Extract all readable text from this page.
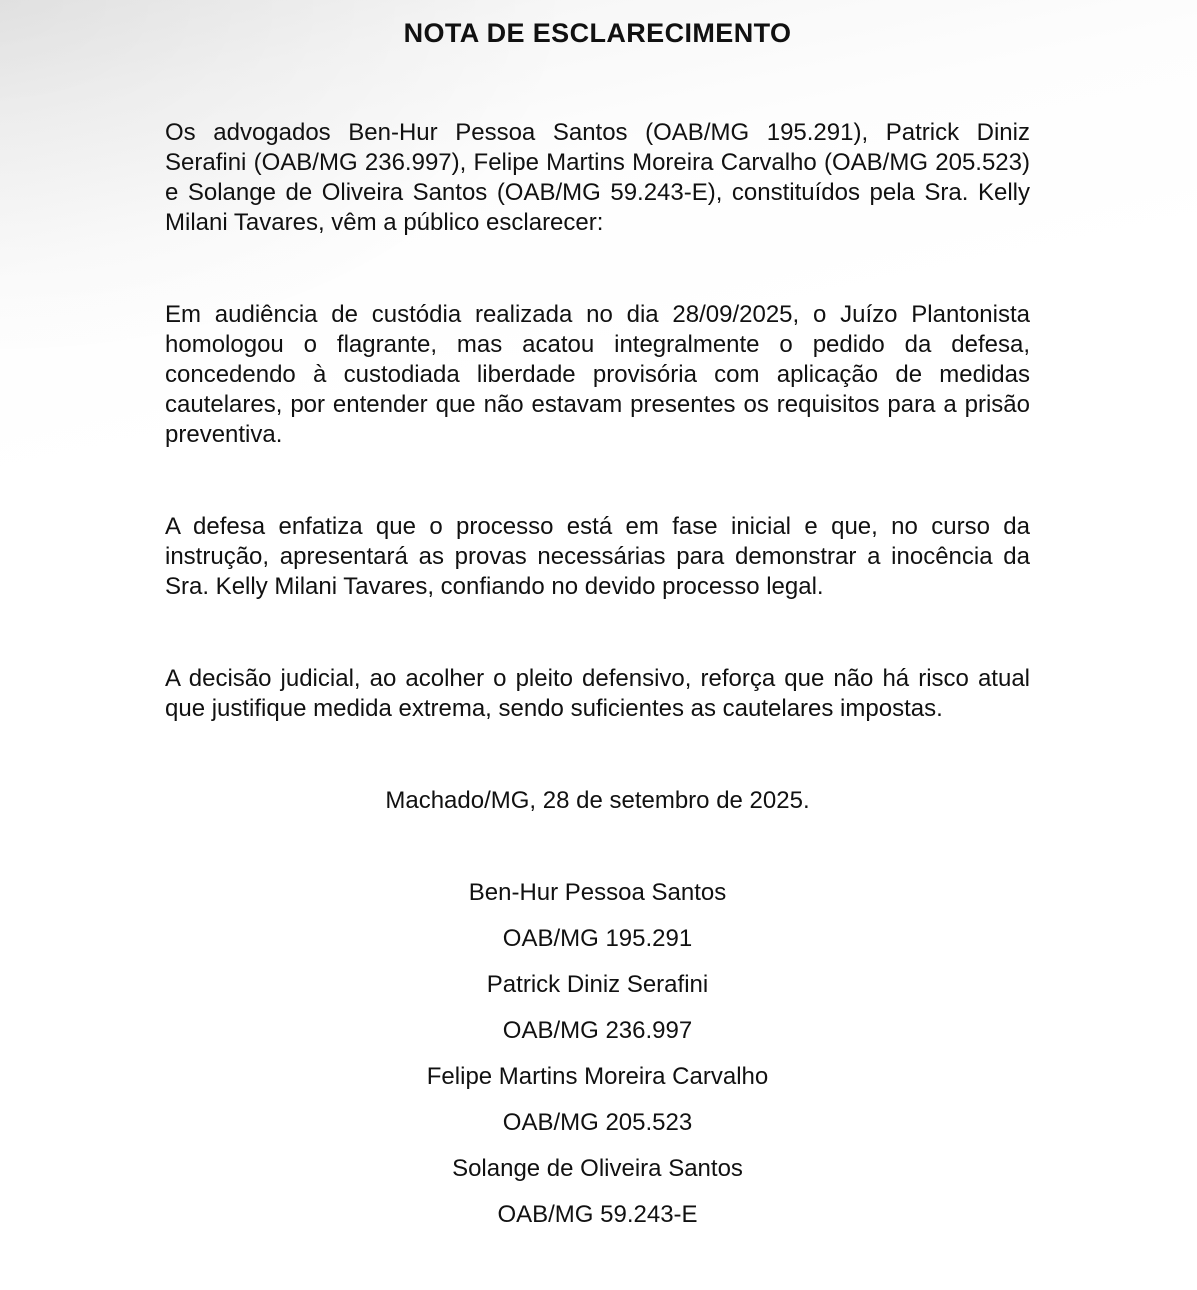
NOTA DE ESCLARECIMENTO

Os advogados Ben-Hur Pessoa Santos (OAB/MG 195.291), Patrick Diniz Serafini (OAB/MG 236.997), Felipe Martins Moreira Carvalho (OAB/MG 205.523) e Solange de Oliveira Santos (OAB/MG 59.243-E), constituídos pela Sra. Kelly Milani Tavares, vêm a público esclarecer:

Em audiência de custódia realizada no dia 28/09/2025, o Juízo Plantonista homologou o flagrante, mas acatou integralmente o pedido da defesa, concedendo à custodiada liberdade provisória com aplicação de medidas cautelares, por entender que não estavam presentes os requisitos para a prisão preventiva.

A defesa enfatiza que o processo está em fase inicial e que, no curso da instrução, apresentará as provas necessárias para demonstrar a inocência da Sra. Kelly Milani Tavares, confiando no devido processo legal.

A decisão judicial, ao acolher o pleito defensivo, reforça que não há risco atual que justifique medida extrema, sendo suficientes as cautelares impostas.

Machado/MG, 28 de setembro de 2025.

Ben-Hur Pessoa Santos

OAB/MG 195.291

Patrick Diniz Serafini

OAB/MG 236.997

Felipe Martins Moreira Carvalho

OAB/MG 205.523

Solange de Oliveira Santos

OAB/MG 59.243-E
